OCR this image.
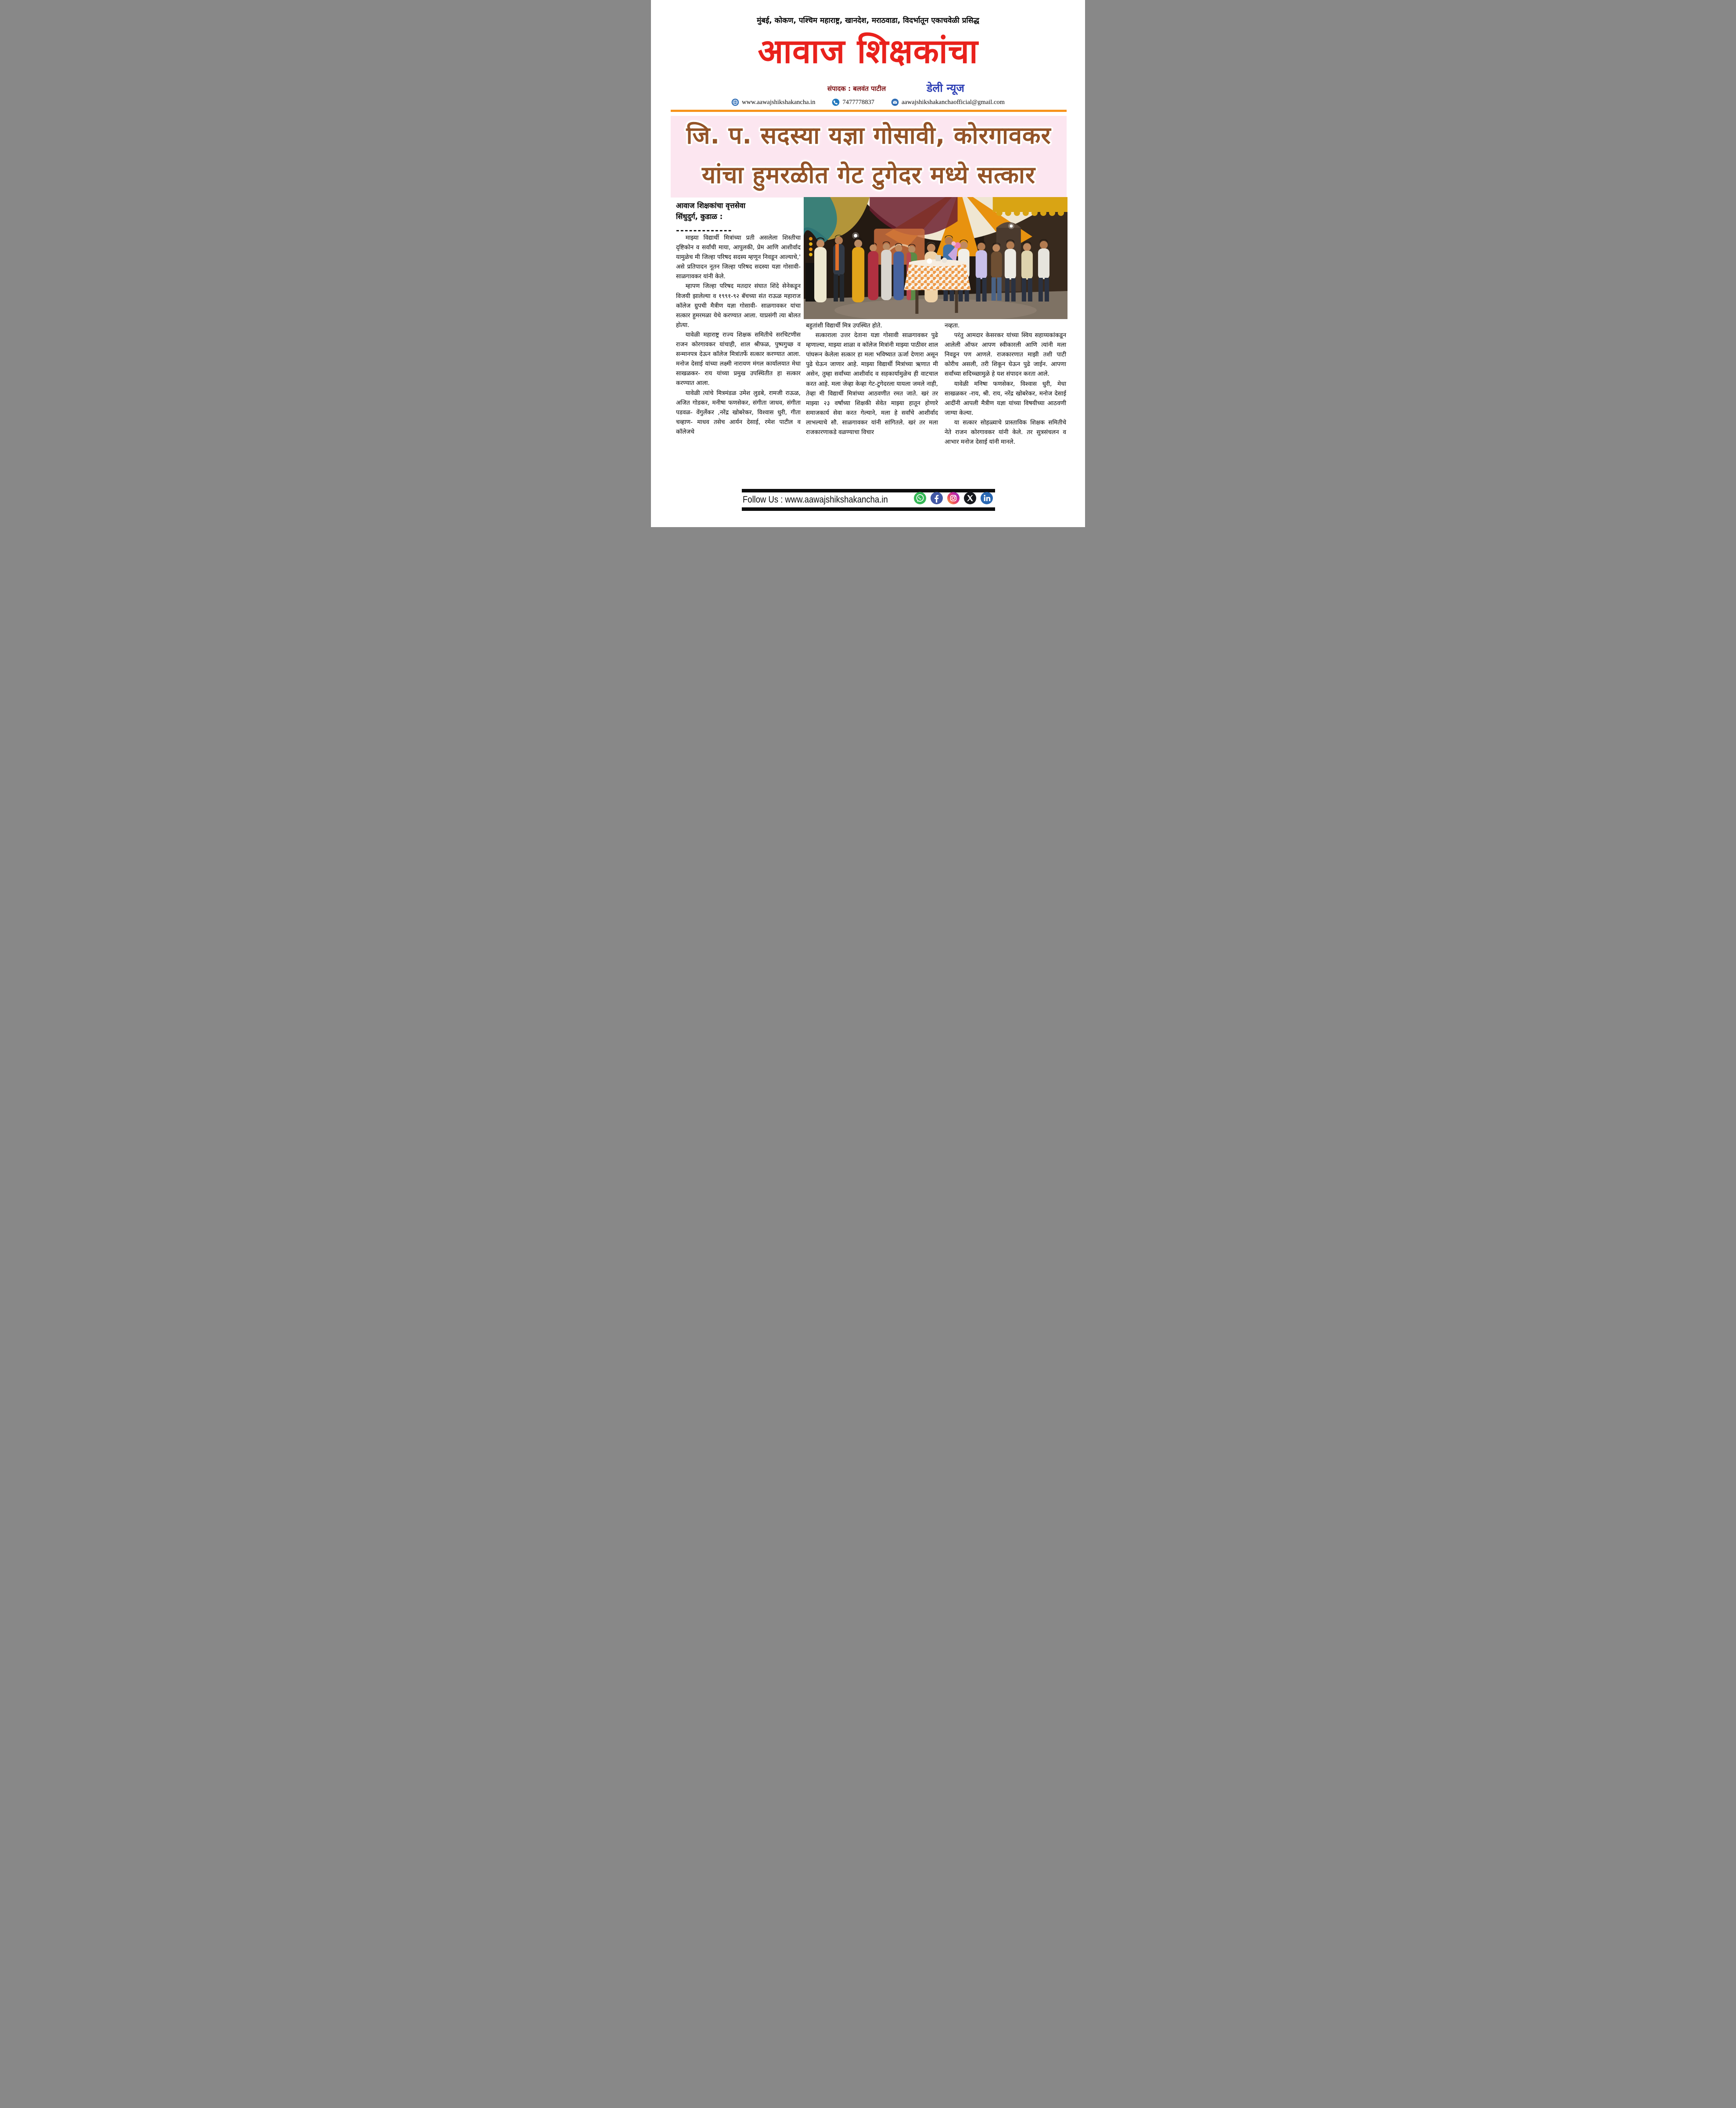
मुंबई, कोकण, पश्चिम महाराष्ट्र, खानदेश, मराठवाडा, विदर्भातून एकाचवेळी प्रसिद्ध
आवाज शिक्षकांचा
संपादक : बलवंत पाटील	डेली न्यूज
www.aawajshikshakancha.in	7477778837	aawajshikshakanchaofficial@gmail.com
जि. प. सदस्या यज्ञा गोसावी, कोरगावकर
यांचा हुमरळीत गेट टुगेदर मध्ये सत्कार
आवाज शिक्षकांचा वृत्तसेवा
सिंधुदुर्ग, कुडाळ :
-------------

माझ्या विद्यार्थी मित्रांच्या प्रती असलेला शिस्तीचा दृष्टिकोन व सर्वांची माया, आपुलकी, प्रेम आणि आशीर्वाद यामुळेच मी जिल्हा परिषद सदस्य म्हणून निवडून आल्याचे,' असे प्रतिपादन नूतन जिल्हा परिषद सदस्या यज्ञा गोसावी- साळगावकर यांनी केले.

म्हापण जिल्हा परिषद मतदार संघात शिंदे सेनेकडून विजयी झालेल्या व १९९१-९२ बॅचच्या संत राऊळ महाराज कॉलेज ग्रुपची मैत्रीण यज्ञा गोसावी- साळगावकर यांचा सत्कार हुमरमळा येथे करण्यात आला. याप्रसंगी त्या बोलत होत्या.

यावेळी महाराष्ट्र राज्य शिक्षक समितीचे सरचिटणीस राजन कोरगावकर यांचाही, शाल श्रीफळ, पुष्पगुच्छ व सन्मानपत्र देऊन कॉलेज मित्रांतर्फे सत्कार करण्यात आला. मनोज देसाई यांच्या लक्ष्मी नारायण मंगल कार्यालयात मेधा साखळकर- राय यांच्या प्रमुख उपस्थितीत हा सत्कार करण्यात आला.

यावेळी त्यांचे मित्रमंडळ उमेश लुडबे, रामजी राऊळ, अजित गोडकर, मनीषा फणसेकर, संगीता जाधव, संगीता पडवळ- वेंगुर्लेकर ,नरेंद्र खोबरेकर, विश्वास धुरी, गीता चव्हाण- माधव तसेच आर्यन देसाई, रमेश पाटील व कॉलेजचे

बहुतांशी विद्यार्थी मित्र उपस्थित होते.

सत्काराला उत्तर देताना यज्ञा गोसावी साळगावकर पुढे म्हणाल्या, माझ्या शाळा व कॉलेज मित्रांनी माझ्या पाठीवर शाल पांघरून केलेला सत्कार हा मला भविष्यात ऊर्जा देणारा असून पुढे घेऊन जाणार आहे. माझ्या विद्यार्थी मित्रांच्या ऋणात मी असेन, तुम्हा सर्वांच्या आशीर्वाद व सहकार्यामुळेच ही वाटचाल करत आहे. मला जेव्हा केव्हा गेट-टुगेदरला यायला जमले नाही, तेव्हा मी विद्यार्थी मित्रांच्या आठवणीत रमत जाते. खरं तर माझ्या २३ वर्षांच्या शिक्षकी सेवेत माझ्या हातून होणारे समाजकार्य सेवा करत गेल्याने, मला हे सर्वांचे आशीर्वाद लाभल्याचे सौ. साळगावकर यांनी सांगितले. खरं तर मला राजकारणाकडे वळण्याचा विचार

नव्हता.

परंतु आमदार केसरकर यांच्या स्विय सहाय्यकांकडून आलेली ऑफर आपण स्वीकारली आणि त्यांनी मला निवडून पण आणले. राजकारणात माझी तशी पाटी कोरीच असली, तरी शिकून घेऊन पुढे जाईन. आपणा सर्वांच्या सदिच्च्छामुळे हे यश संपादन करता आले.

यावेळी मनिषा फणसेकर, विश्वास धुरी, मेधा साखळकर -राय, श्री. राय, नरेंद्र खोबरेकर, मनोज देसाई आदींनी आपली मैत्रीण यज्ञा यांच्या विषयीच्या आठवणी जाग्या केल्या.

या सत्कार सोहळ्याचे प्रास्ताविक शिक्षक समितीचे नेते राजन कोरगावकर यांनी केले. तर सुत्रसंचलन व आभार मनोज देसाई यांनी मानले.

Follow Us : www.aawajshikshakancha.in
